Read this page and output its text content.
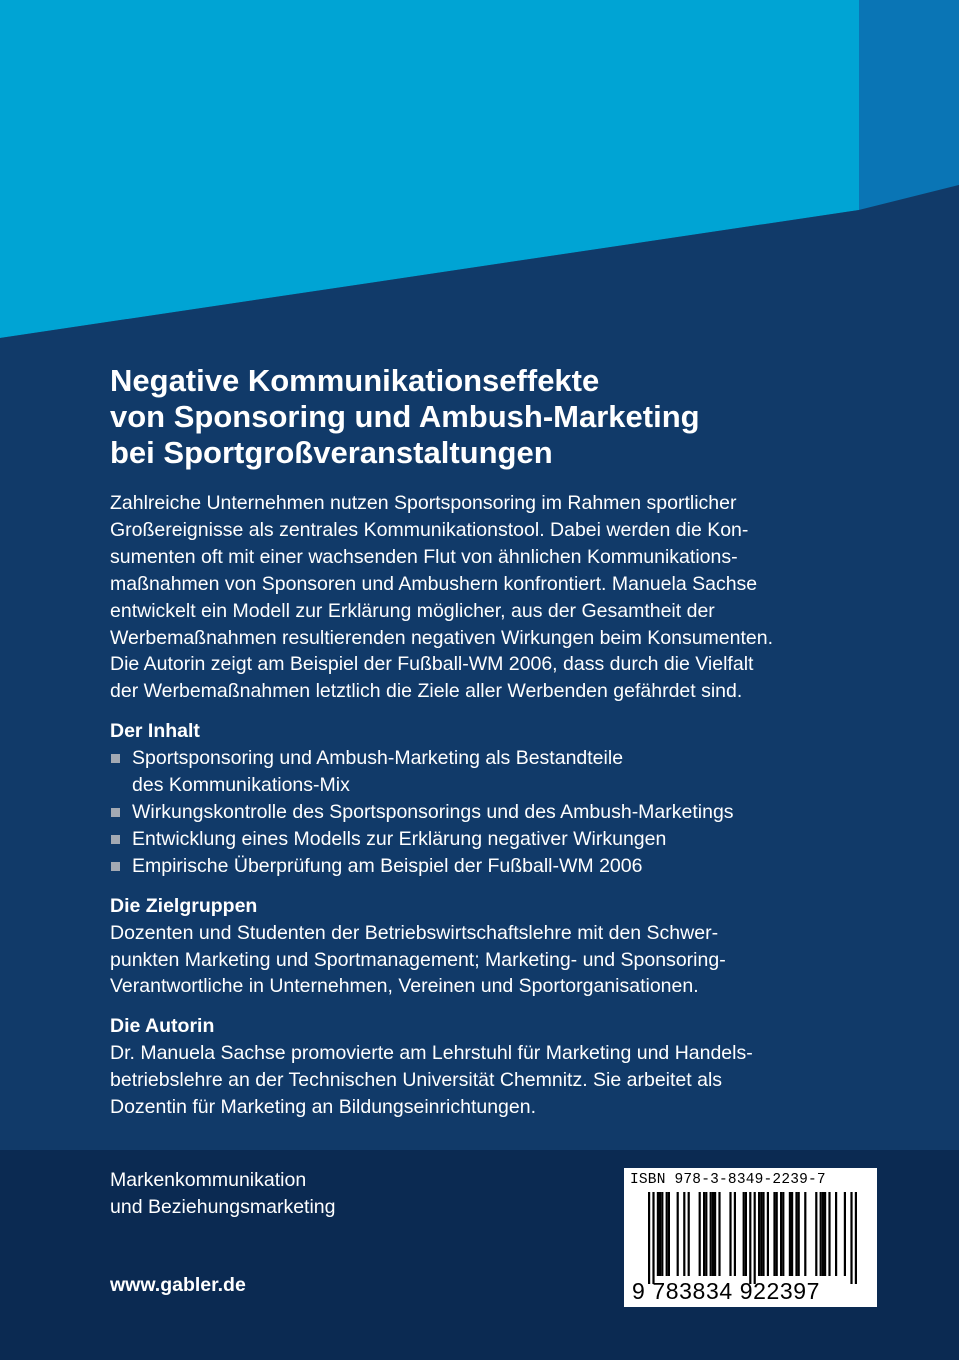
Negative Kommunikationseffekte
von Sponsoring und Ambush-Marketing
bei Sportgroßveranstaltungen
Zahlreiche Unternehmen nutzen Sportsponsoring im Rahmen sportlicher
Großereignisse als zentrales Kommunikationstool. Dabei werden die Kon-
sumenten oft mit einer wachsenden Flut von ähnlichen Kommunikations-
maßnahmen von Sponsoren und Ambushern konfrontiert. Manuela Sachse
entwickelt ein Modell zur Erklärung möglicher, aus der Gesamtheit der
Werbemaßnahmen resultierenden negativen Wirkungen beim Konsumenten.
Die Autorin zeigt am Beispiel der Fußball-WM 2006, dass durch die Vielfalt
der Werbemaßnahmen letztlich die Ziele aller Werbenden gefährdet sind.
Der Inhalt
Sportsponsoring und Ambush-Marketing als Bestandteile
des Kommunikations-Mix
Wirkungskontrolle des Sportsponsorings und des Ambush-Marketings
Entwicklung eines Modells zur Erklärung negativer Wirkungen
Empirische Überprüfung am Beispiel der Fußball-WM 2006
Die Zielgruppen
Dozenten und Studenten der Betriebswirtschaftslehre mit den Schwer-
punkten Marketing und Sportmanagement; Marketing- und Sponsoring-
Verantwortliche in Unternehmen, Vereinen und Sportorganisationen.
Die Autorin
Dr. Manuela Sachse promovierte am Lehrstuhl für Marketing und Handels-
betriebslehre an der Technischen Universität Chemnitz. Sie arbeitet als
Dozentin für Marketing an Bildungseinrichtungen.
Markenkommunikation
und Beziehungsmarketing
www.gabler.de
ISBN 978-3-8349-2239-7
9 783834 922397
